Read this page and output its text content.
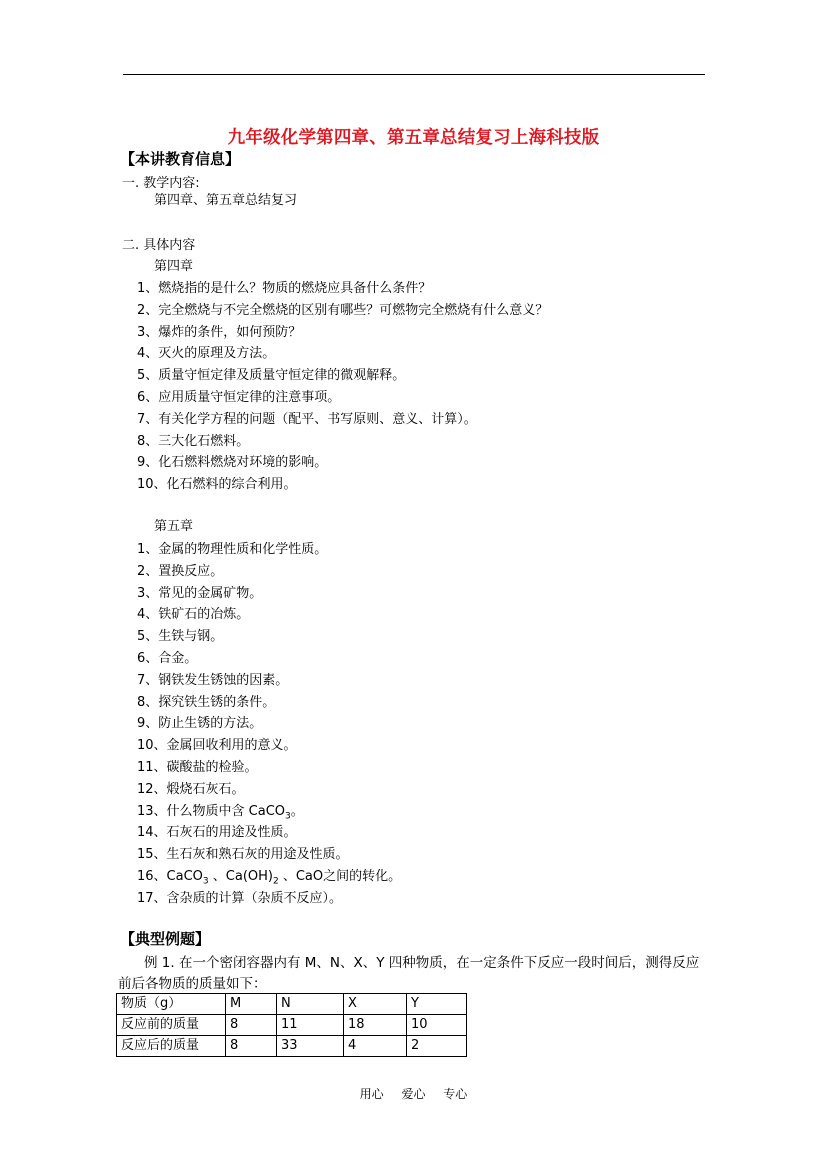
九年级化学第四章、第五章总结复习上海科技版
【本讲教育信息】
一. 教学内容:
第四章、第五章总结复习
二. 具体内容
第四章
1、燃烧指的是什么？物质的燃烧应具备什么条件？
2、完全燃烧与不完全燃烧的区别有哪些？可燃物完全燃烧有什么意义？
3、爆炸的条件，如何预防？
4、灭火的原理及方法。
5、质量守恒定律及质量守恒定律的微观解释。
6、应用质量守恒定律的注意事项。
7、有关化学方程的问题（配平、书写原则、意义、计算）。
8、三大化石燃料。
9、化石燃料燃烧对环境的影响。
10、化石燃料的综合利用。
第五章
1、金属的物理性质和化学性质。
2、置换反应。
3、常见的金属矿物。
4、铁矿石的冶炼。
5、生铁与钢。
6、合金。
7、钢铁发生锈蚀的因素。
8、探究铁生锈的条件。
9、防止生锈的方法。
10、金属回收利用的意义。
11、碳酸盐的检验。
12、煅烧石灰石。
13、什么物质中含 CaCO$_3$。
14、石灰石的用途及性质。
15、生石灰和熟石灰的用途及性质。
16、CaCO$_3$ 、$Ca(OH)_2$ 、CaO之间的转化。
17、含杂质的计算（杂质不反应）。
【典型例题】
例 1. 在一个密闭容器内有 M、N、X、Y 四种物质，在一定条件下反应一段时间后，测得反应前后各物质的质量如下：
物质（g）	M	N	X	Y
反应前的质量	8	11	18	10
反应后的质量	8	33	4	2
用心 爱心 专心
